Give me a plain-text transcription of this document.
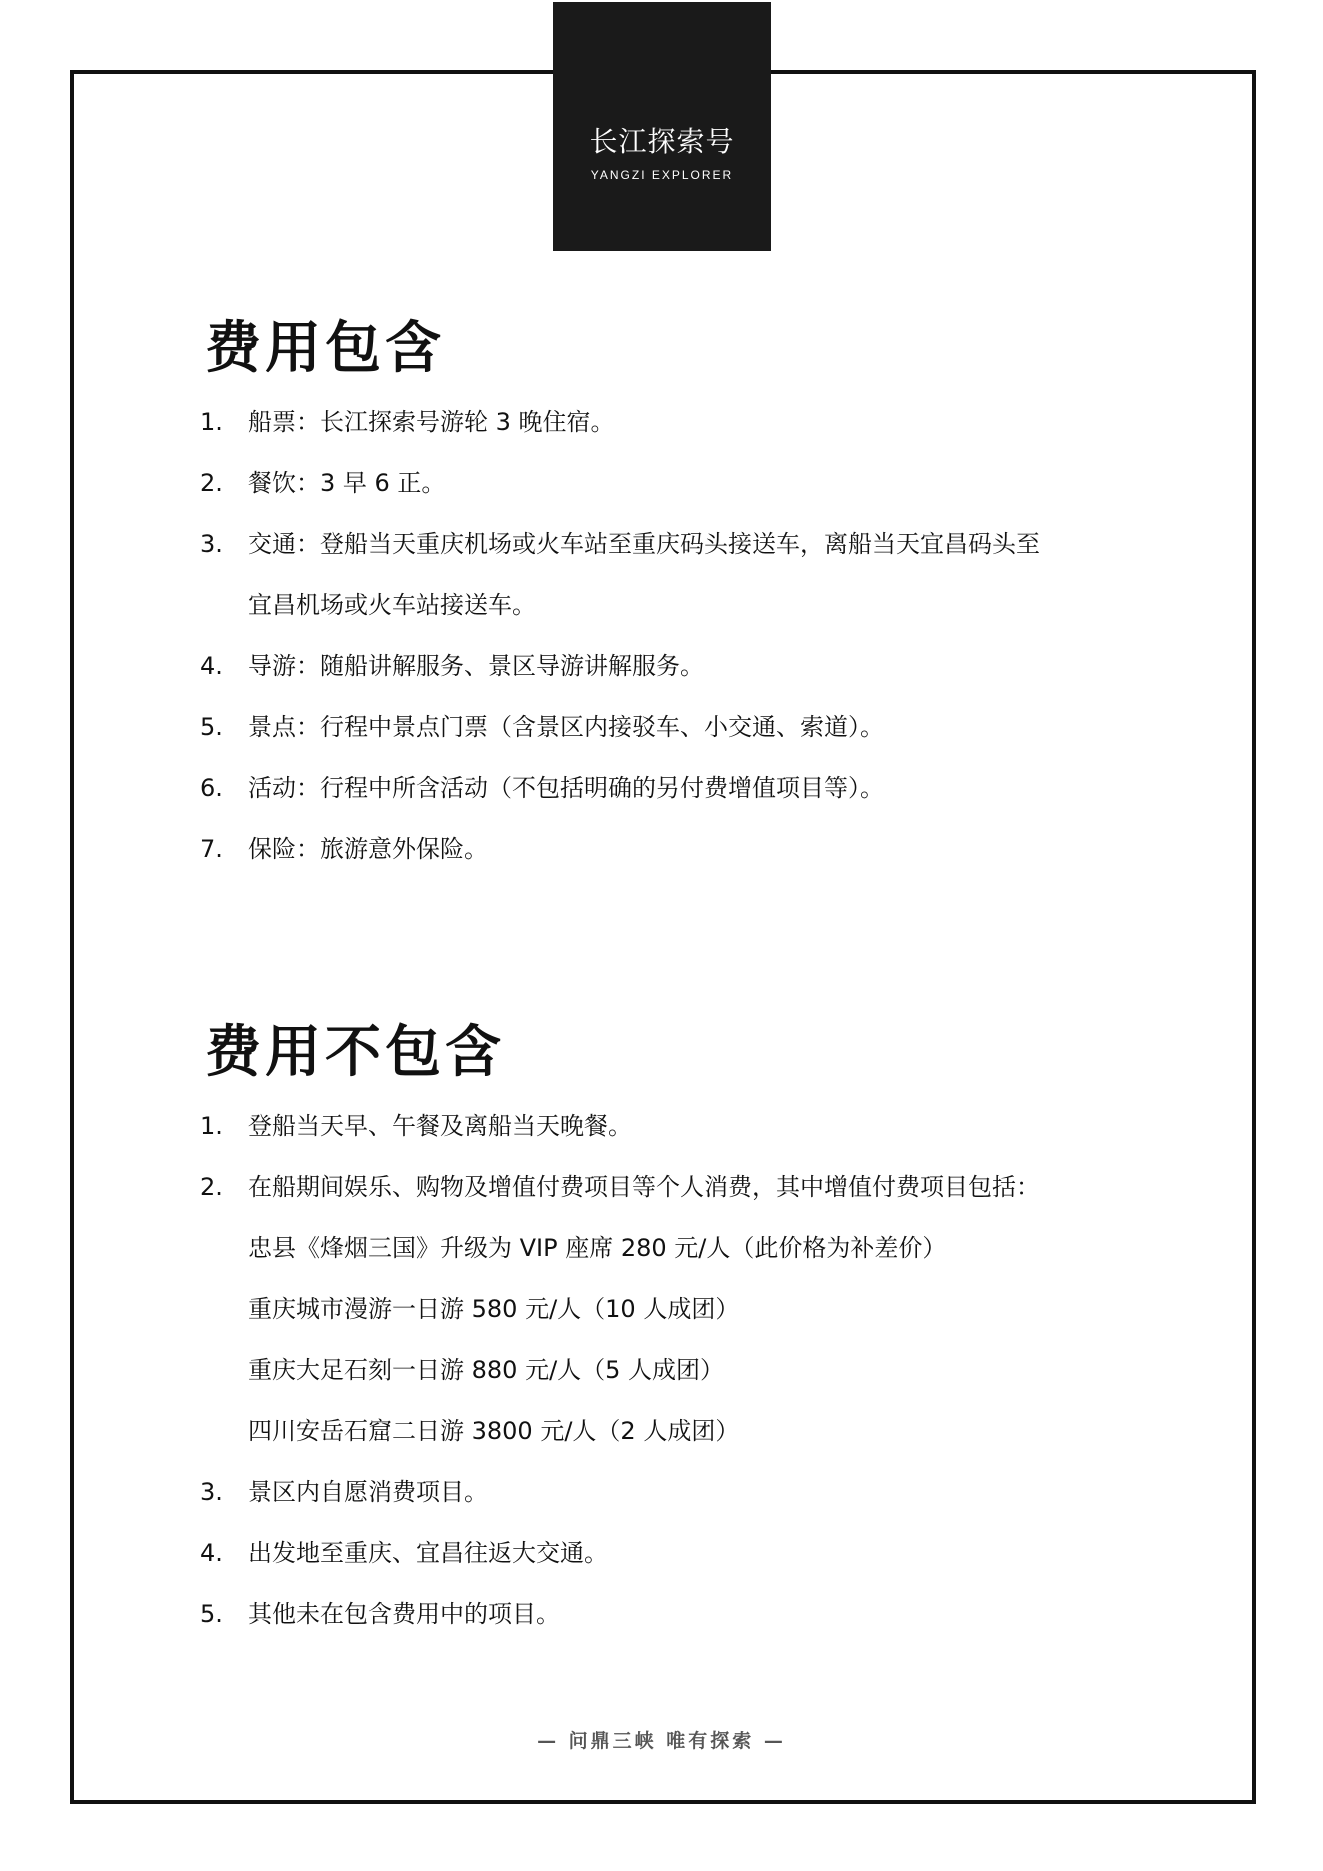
长江探索号
YANGZI EXPLORER
费用包含
1. 船票：长江探索号游轮 3 晚住宿。
2. 餐饮：3 早 6 正。
3. 交通：登船当天重庆机场或火车站至重庆码头接送车，离船当天宜昌码头至
宜昌机场或火车站接送车。
4. 导游：随船讲解服务、景区导游讲解服务。
5. 景点：行程中景点门票（含景区内接驳车、小交通、索道）。
6. 活动：行程中所含活动（不包括明确的另付费增值项目等）。
7. 保险：旅游意外保险。
费用不包含
1. 登船当天早、午餐及离船当天晚餐。
2. 在船期间娱乐、购物及增值付费项目等个人消费，其中增值付费项目包括：
忠县《烽烟三国》升级为 VIP 座席 280 元/人（此价格为补差价）
重庆城市漫游一日游 580 元/人（10 人成团）
重庆大足石刻一日游 880 元/人（5 人成团）
四川安岳石窟二日游 3800 元/人（2 人成团）
3. 景区内自愿消费项目。
4. 出发地至重庆、宜昌往返大交通。
5. 其他未在包含费用中的项目。
— 问鼎三峡 唯有探索 —
